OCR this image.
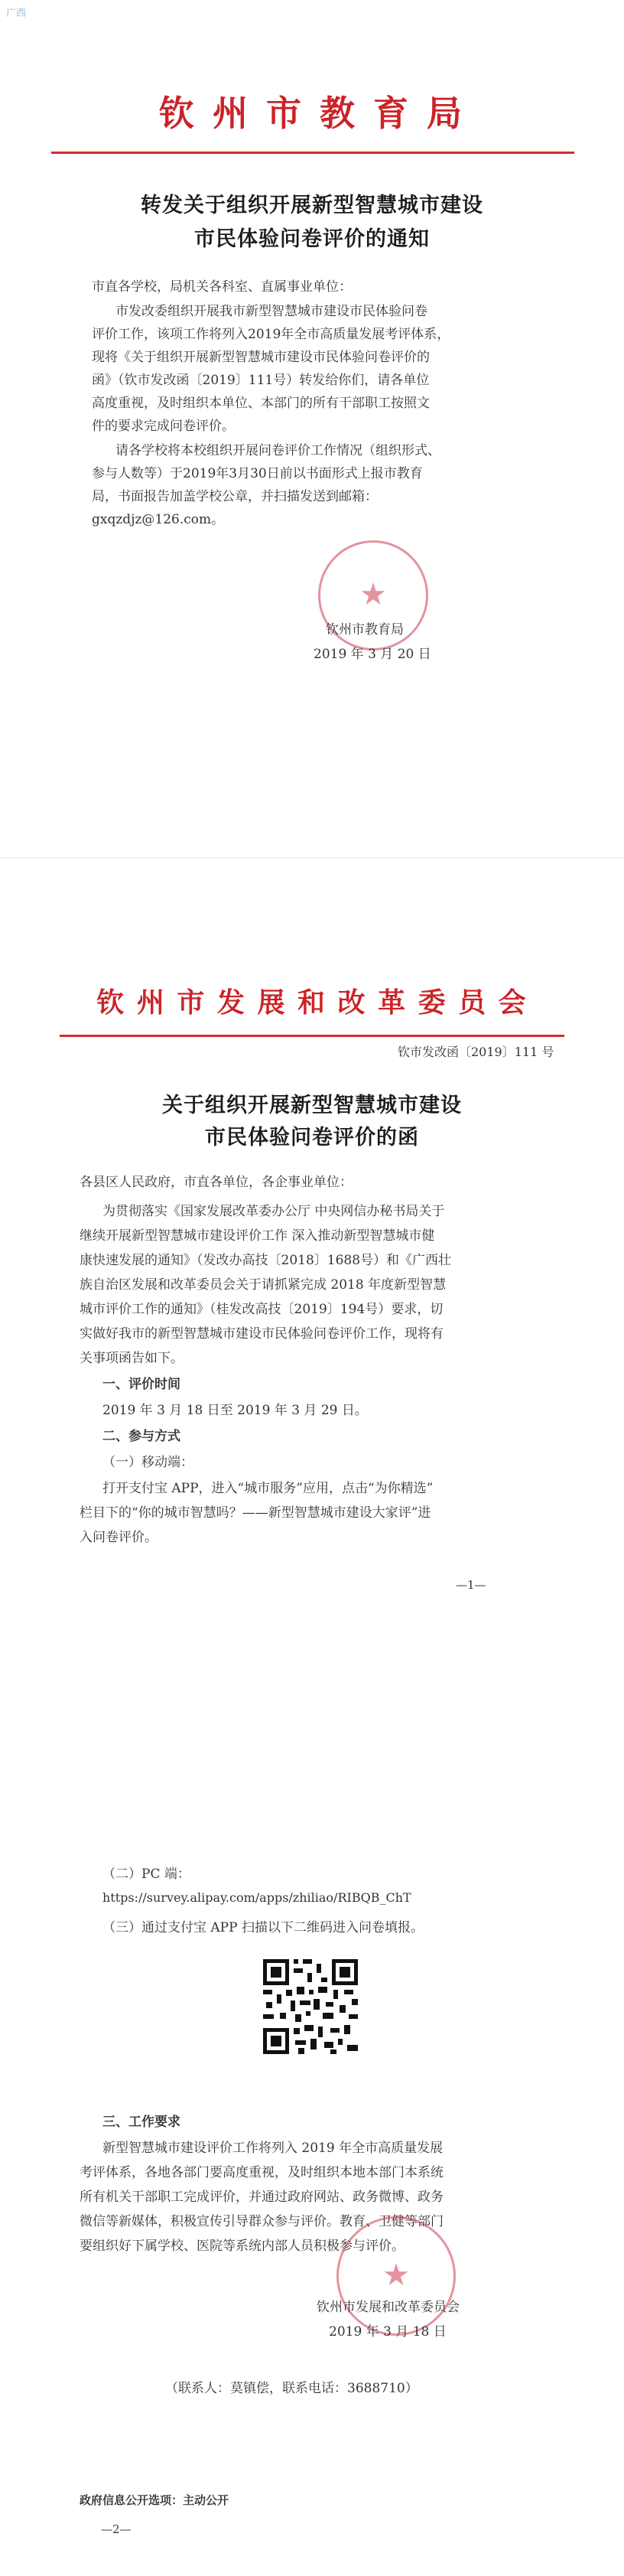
广西
钦 州 市 教 育 局
转发关于组织开展新型智慧城市建设
市民体验问卷评价的通知
市直各学校，局机关各科室、直属事业单位：
市发改委组织开展我市新型智慧城市建设市民体验问卷
评价工作，该项工作将列入2019年全市高质量发展考评体系，
现将《关于组织开展新型智慧城市建设市民体验问卷评价的
函》（钦市发改函〔2019〕111号）转发给你们，请各单位
高度重视，及时组织本单位、本部门的所有干部职工按照文
件的要求完成问卷评价。
请各学校将本校组织开展问卷评价工作情况（组织形式、
参与人数等）于2019年3月30日前以书面形式上报市教育
局，书面报告加盖学校公章，并扫描发送到邮箱：
gxqzdjz@126.com。
★
钦州市教育局
2019 年 3 月 20 日
钦 州 市 发 展 和 改 革 委 员 会
钦市发改函〔2019〕111 号
关于组织开展新型智慧城市建设
市民体验问卷评价的函
各县区人民政府，市直各单位，各企事业单位：
为贯彻落实《国家发展改革委办公厅 中央网信办秘书局关于
继续开展新型智慧城市建设评价工作 深入推动新型智慧城市健
康快速发展的通知》（发改办高技〔2018〕1688号）和《广西壮
族自治区发展和改革委员会关于请抓紧完成 2018 年度新型智慧
城市评价工作的通知》（桂发改高技〔2019〕194号）要求，切
实做好我市的新型智慧城市建设市民体验问卷评价工作，现将有
关事项函告如下。
一、评价时间
2019 年 3 月 18 日至 2019 年 3 月 29 日。
二、参与方式
（一）移动端：
打开支付宝 APP，进入“城市服务”应用，点击“为你精选”
栏目下的“你的城市智慧吗？——新型智慧城市建设大家评”进
入问卷评价。
—1—
（二）PC 端：
https://survey.alipay.com/apps/zhiliao/RIBQB_ChT
（三）通过支付宝 APP 扫描以下二维码进入问卷填报。
三、工作要求
新型智慧城市建设评价工作将列入 2019 年全市高质量发展
考评体系，各地各部门要高度重视，及时组织本地本部门本系统
所有机关干部职工完成评价，并通过政府网站、政务微博、政务
微信等新媒体，积极宣传引导群众参与评价。教育、卫健等部门
要组织好下属学校、医院等系统内部人员积极参与评价。
★
钦州市发展和改革委员会
2019 年 3 月 18 日
（联系人：莫镇偿，联系电话：3688710）
政府信息公开选项：主动公开
—2—
